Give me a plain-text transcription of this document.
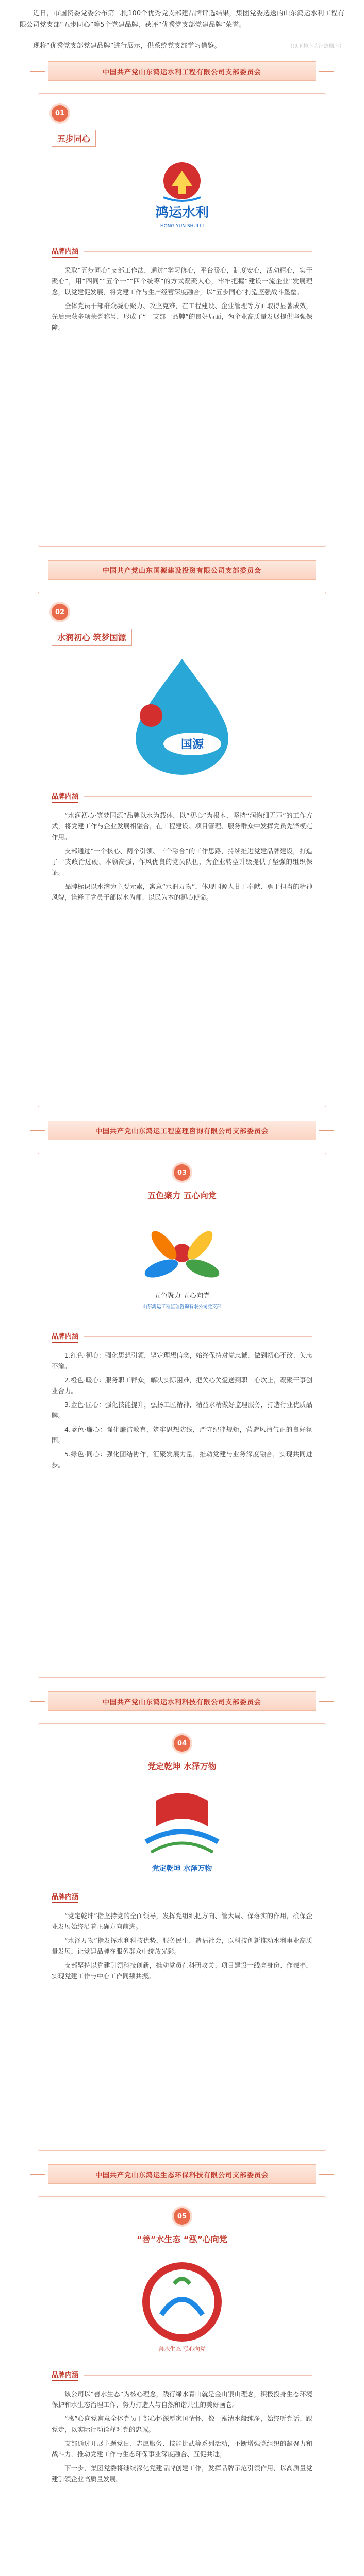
近日，市国资委党委公布第二批100个优秀党支部建品牌评选结果，集团党委选送的山东鸿运水利工程有限公司党支部“五步同心”等5个党建品牌，获评“优秀党支部党建品牌”荣誉。

现将“优秀党支部党建品牌”进行展示，供系统党支部学习借鉴。	（以下排序为评选顺序）
中国共产党山东鸿运水利工程有限公司支部委员会
01
五步同心
鸿运水利
HONG YUN SHUI LI
品牌内涵

采取“五步同心”支部工作法，通过“学习修心，平台暖心，制度安心，活动精心，实干聚心”，用“四同”“五个一”“四个统筹”的方式凝聚人心，牢牢把握“建设一流企业”发展理念，以党建促发展，将党建工作与生产经营深度融合，以“五步同心”打造坚强战斗堡垒。

全体党员干部群众凝心聚力、攻坚克难，在工程建设、企业管理等方面取得显著成效，先后荣获多项荣誉称号，形成了“一支部一品牌”的良好局面，为企业高质量发展提供坚强保障。

中国共产党山东国源建设投资有限公司支部委员会
02
水润初心 筑梦国源
国源
品牌内涵

“水润初心·筑梦国源”品牌以水为载体，以“初心”为根本，坚持“润物细无声”的工作方式，将党建工作与企业发展相融合，在工程建设、项目管理、服务群众中发挥党员先锋模范作用。

支部通过“一个核心、两个引领、三个融合”的工作思路，持续推进党建品牌建设，打造了一支政治过硬、本领高强、作风优良的党员队伍，为企业转型升级提供了坚强的组织保证。

品牌标识以水滴为主要元素，寓意“水润万物”，体现国源人甘于奉献、勇于担当的精神风貌，诠释了党员干部以水为师、以民为本的初心使命。

中国共产党山东鸿运工程监理咨询有限公司支部委员会
03
五色聚力 五心向党
五色聚力 五心向党
山东鸿运工程监理咨询有限公司党支部
品牌内涵

1.红色·初心：强化思想引领，坚定理想信念，始终保持对党忠诚，做到初心不改、矢志不渝。

2.橙色·暖心：服务职工群众，解决实际困难，把关心关爱送到职工心坎上，凝聚干事创业合力。

3.金色·匠心：强化技能提升，弘扬工匠精神，精益求精做好监理服务，打造行业优质品牌。

4.蓝色·廉心：强化廉洁教育，筑牢思想防线，严守纪律规矩，营造风清气正的良好氛围。

5.绿色·同心：强化团结协作，汇聚发展力量，推动党建与业务深度融合，实现共同进步。

中国共产党山东鸿运水利科技有限公司支部委员会
04
党定乾坤 水泽万物
党定乾坤 水泽万物
品牌内涵

“党定乾坤”指坚持党的全面领导，发挥党组织把方向、管大局、保落实的作用，确保企业发展始终沿着正确方向前进。

“水泽万物”指发挥水利科技优势，服务民生、造福社会，以科技创新推动水利事业高质量发展，让党建品牌在服务群众中绽放光彩。

支部坚持以党建引领科技创新，推动党员在科研攻关、项目建设一线亮身份、作表率，实现党建工作与中心工作同频共振。

中国共产党山东鸿运生态环保科技有限公司支部委员会
05
“善”水生态 “泓”心向党
善水生态 泓心向党
品牌内涵

该公司以“善水生态”为核心理念，践行绿水青山就是金山银山理念，积极投身生态环境保护和水生态治理工作，努力打造人与自然和谐共生的美好画卷。

“泓”心向党寓意全体党员干部心怀深厚家国情怀，像一泓清水般纯净，始终听党话、跟党走，以实际行动诠释对党的忠诚。

支部通过开展主题党日、志愿服务、技能比武等系列活动，不断增强党组织的凝聚力和战斗力，推动党建工作与生态环保事业深度融合、互促共进。

下一步，集团党委将继续深化党建品牌创建工作，发挥品牌示范引领作用，以高质量党建引领企业高质量发展。
